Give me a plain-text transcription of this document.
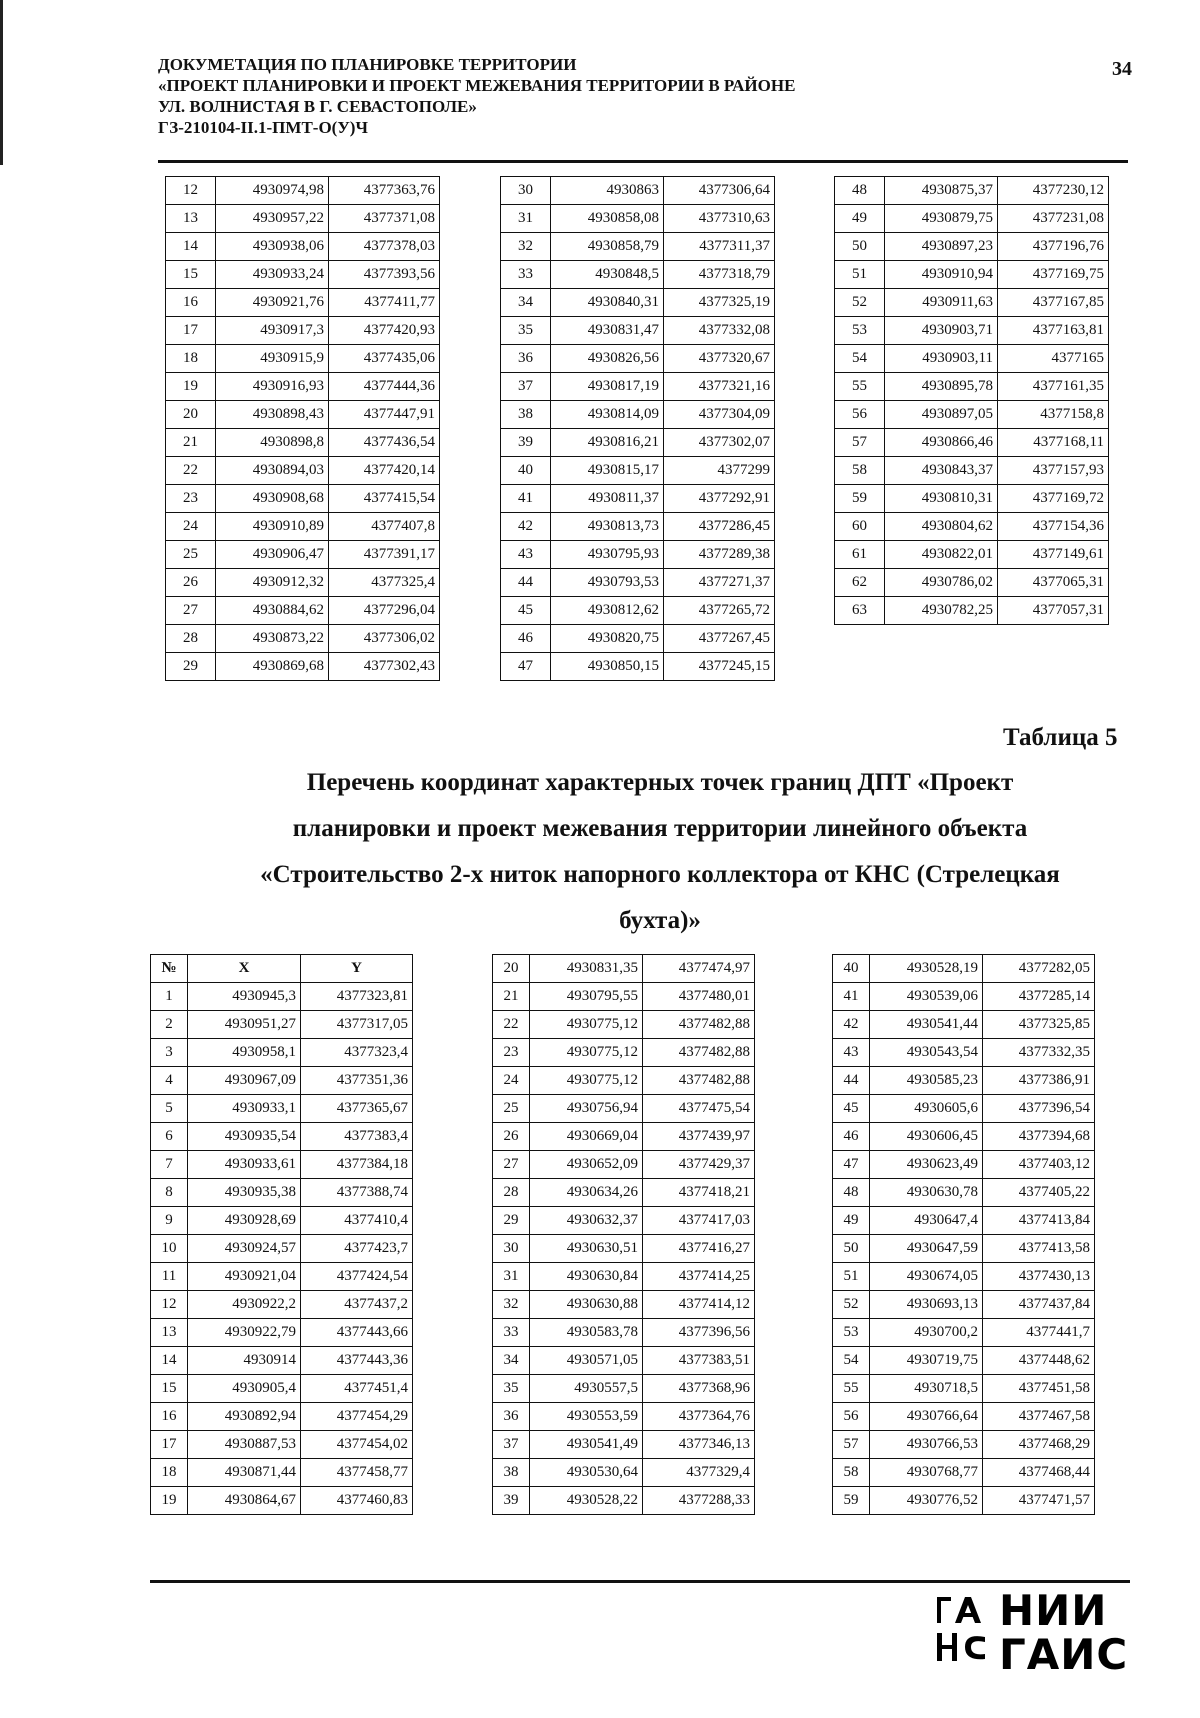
ДОКУМЕТАЦИЯ ПО ПЛАНИРОВКЕ ТЕРРИТОРИИ
«ПРОЕКТ ПЛАНИРОВКИ И ПРОЕКТ МЕЖЕВАНИЯ ТЕРРИТОРИИ В РАЙОНЕ
УЛ. ВОЛНИСТАЯ В Г. СЕВАСТОПОЛЕ»
ГЗ-210104-II.1-ПМТ-О(У)Ч
34
12	4930974,98	4377363,76
13	4930957,22	4377371,08
14	4930938,06	4377378,03
15	4930933,24	4377393,56
16	4930921,76	4377411,77
17	4930917,3	4377420,93
18	4930915,9	4377435,06
19	4930916,93	4377444,36
20	4930898,43	4377447,91
21	4930898,8	4377436,54
22	4930894,03	4377420,14
23	4930908,68	4377415,54
24	4930910,89	4377407,8
25	4930906,47	4377391,17
26	4930912,32	4377325,4
27	4930884,62	4377296,04
28	4930873,22	4377306,02
29	4930869,68	4377302,43
30	4930863	4377306,64
31	4930858,08	4377310,63
32	4930858,79	4377311,37
33	4930848,5	4377318,79
34	4930840,31	4377325,19
35	4930831,47	4377332,08
36	4930826,56	4377320,67
37	4930817,19	4377321,16
38	4930814,09	4377304,09
39	4930816,21	4377302,07
40	4930815,17	4377299
41	4930811,37	4377292,91
42	4930813,73	4377286,45
43	4930795,93	4377289,38
44	4930793,53	4377271,37
45	4930812,62	4377265,72
46	4930820,75	4377267,45
47	4930850,15	4377245,15
48	4930875,37	4377230,12
49	4930879,75	4377231,08
50	4930897,23	4377196,76
51	4930910,94	4377169,75
52	4930911,63	4377167,85
53	4930903,71	4377163,81
54	4930903,11	4377165
55	4930895,78	4377161,35
56	4930897,05	4377158,8
57	4930866,46	4377168,11
58	4930843,37	4377157,93
59	4930810,31	4377169,72
60	4930804,62	4377154,36
61	4930822,01	4377149,61
62	4930786,02	4377065,31
63	4930782,25	4377057,31
Таблица 5
Перечень координат характерных точек границ ДПТ «Проект
планировки и проект межевания территории линейного объекта
«Строительство 2-х ниток напорного коллектора от КНС (Стрелецкая
бухта)»
№	X	Y
1	4930945,3	4377323,81
2	4930951,27	4377317,05
3	4930958,1	4377323,4
4	4930967,09	4377351,36
5	4930933,1	4377365,67
6	4930935,54	4377383,4
7	4930933,61	4377384,18
8	4930935,38	4377388,74
9	4930928,69	4377410,4
10	4930924,57	4377423,7
11	4930921,04	4377424,54
12	4930922,2	4377437,2
13	4930922,79	4377443,66
14	4930914	4377443,36
15	4930905,4	4377451,4
16	4930892,94	4377454,29
17	4930887,53	4377454,02
18	4930871,44	4377458,77
19	4930864,67	4377460,83
20	4930831,35	4377474,97
21	4930795,55	4377480,01
22	4930775,12	4377482,88
23	4930775,12	4377482,88
24	4930775,12	4377482,88
25	4930756,94	4377475,54
26	4930669,04	4377439,97
27	4930652,09	4377429,37
28	4930634,26	4377418,21
29	4930632,37	4377417,03
30	4930630,51	4377416,27
31	4930630,84	4377414,25
32	4930630,88	4377414,12
33	4930583,78	4377396,56
34	4930571,05	4377383,51
35	4930557,5	4377368,96
36	4930553,59	4377364,76
37	4930541,49	4377346,13
38	4930530,64	4377329,4
39	4930528,22	4377288,33
40	4930528,19	4377282,05
41	4930539,06	4377285,14
42	4930541,44	4377325,85
43	4930543,54	4377332,35
44	4930585,23	4377386,91
45	4930605,6	4377396,54
46	4930606,45	4377394,68
47	4930623,49	4377403,12
48	4930630,78	4377405,22
49	4930647,4	4377413,84
50	4930647,59	4377413,58
51	4930674,05	4377430,13
52	4930693,13	4377437,84
53	4930700,2	4377441,7
54	4930719,75	4377448,62
55	4930718,5	4377451,58
56	4930766,64	4377467,58
57	4930766,53	4377468,29
58	4930768,77	4377468,44
59	4930776,52	4377471,57
НИИ
ГАИС
